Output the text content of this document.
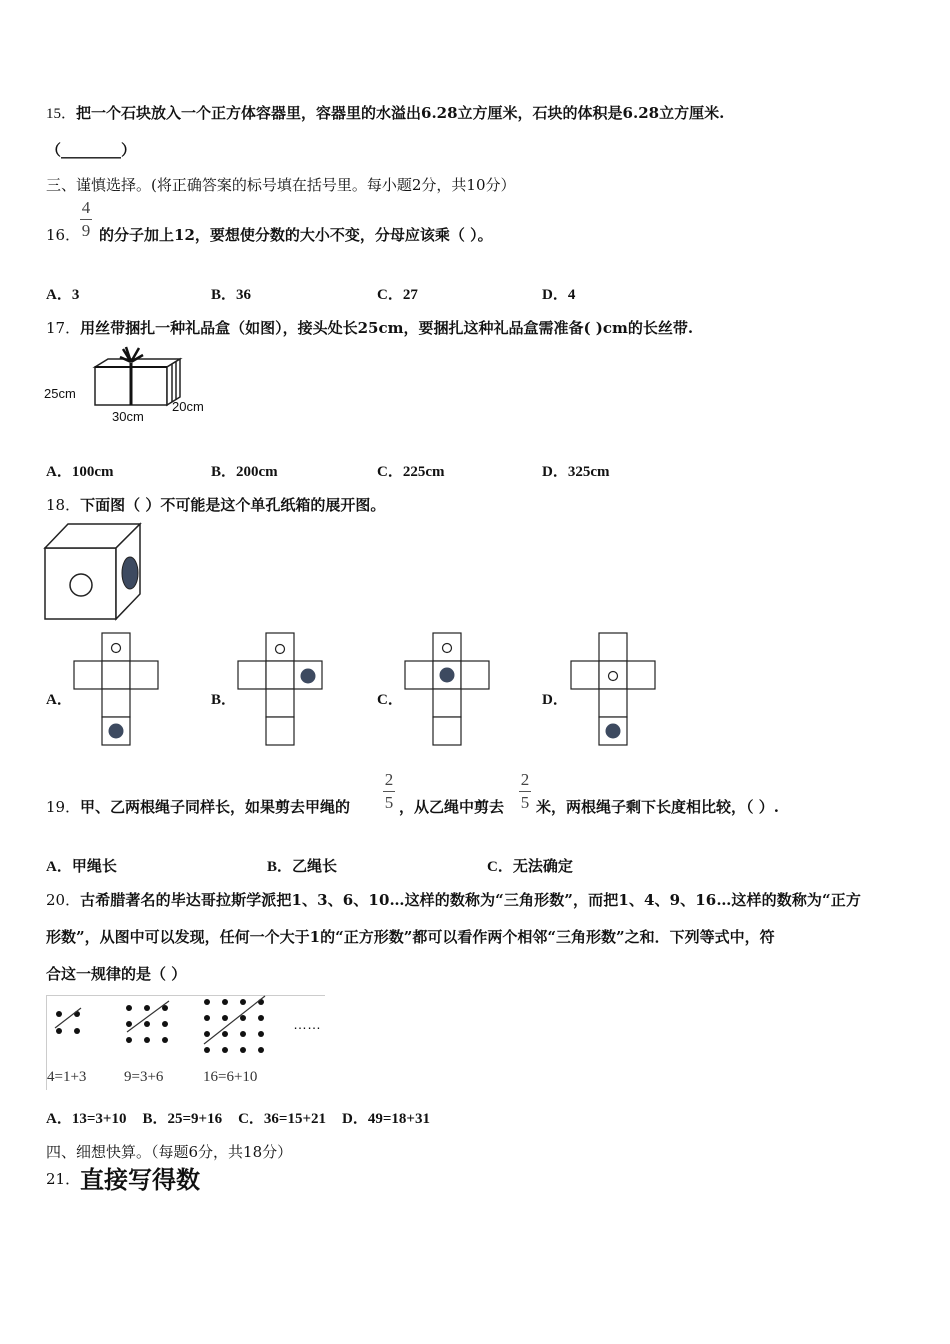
15．把一个石块放入一个正方体容器里，容器里的水溢出6.28立方厘米，石块的体积是6.28立方厘米.
（________）
三、谨慎选择。(将正确答案的标号填在括号里。每小题2分，共10分）
4
9
16． 的分子加上12，要想使分数的大小不变，分母应该乘（ ）。
A．3	B．36	C．27	D．4
17．用丝带捆扎一种礼品盒（如图），接头处长25cm，要捆扎这种礼品盒需准备( )cm的长丝带.
25cm
30cm
20cm
A．100cm	B．200cm	C．225cm	D．325cm
18．下面图（ ）不可能是这个单孔纸箱的展开图。
A．	B．	C．	D．
2
5
2
5
19． 甲、乙两根绳子同样长，如果剪去甲绳的	，从乙绳中剪去 米，两根绳子剩下长度相比较，（ ）.
A．甲绳长	B．乙绳长	C．无法确定
20．古希腊著名的毕达哥拉斯学派把1、3、6、10…这样的数称为“三角形数”，而把1、4、9、16…这样的数称为“正方
形数”，从图中可以发现，任何一个大于1的“正方形数”都可以看作两个相邻“三角形数”之和．下列等式中，符
合这一规律的是（ ）
……
4=1+3	9=3+6	16=6+10
A．13=3+10 B．25=9+16 C．36=15+21 D．49=18+31
四、细想快算。（每题6分，共18分）
21． 直接写得数
